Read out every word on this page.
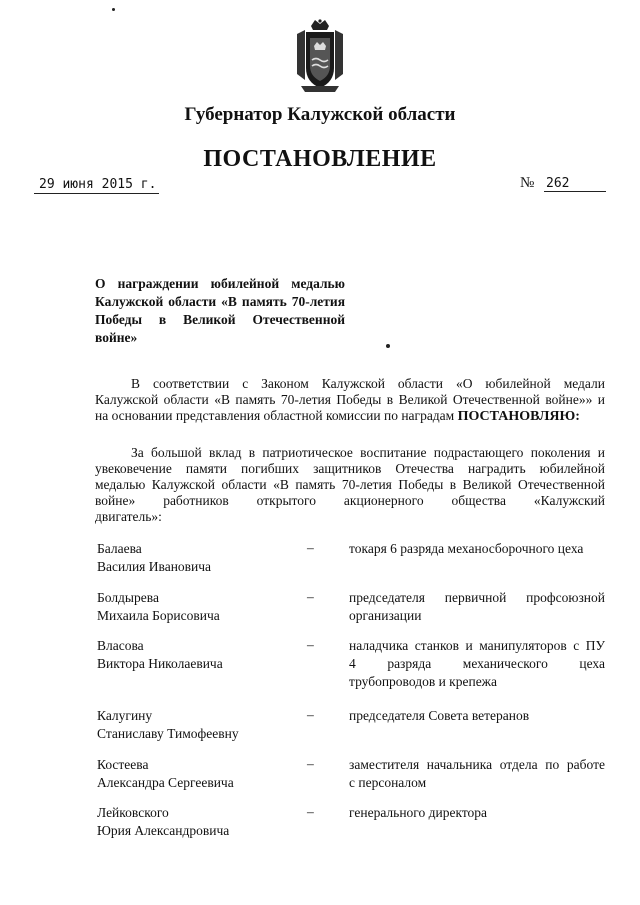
Губернатор Калужской области
ПОСТАНОВЛЕНИЕ
29 июня 2015 г.	№ 262
О награждении юбилейной медалью
Калужской области «В память 70-летия
Победы в Великой Отечественной
войне»
В соответствии с Законом Калужской области «О юбилейной медали
Калужской области «В память 70-летия Победы в Великой Отечественной войне»» и
на основании представления областной комиссии по наградам ПОСТАНОВЛЯЮ:
За большой вклад в патриотическое воспитание подрастающего поколения и
увековечение памяти погибших защитников Отечества наградить юбилейной
медалью Калужской области «В память 70-летия Победы в Великой Отечественной
войне» работников открытого акционерного общества «Калужский
двигатель»:
Балаева
Василия Ивановича
–	токаря 6 разряда механосборочного цеха
Болдырева
Михаила Борисовича
–	председателя первичной профсоюзной
организации
Власова
Виктора Николаевича
–	наладчика станков и манипуляторов с ПУ
4 разряда механического цеха
трубопроводов и крепежа
Калугину
Станиславу Тимофеевну
–	председателя Совета ветеранов
Костеева
Александра Сергеевича
–	заместителя начальника отдела по работе
с персоналом
Лейковского
Юрия Александровича
–	генерального директора
